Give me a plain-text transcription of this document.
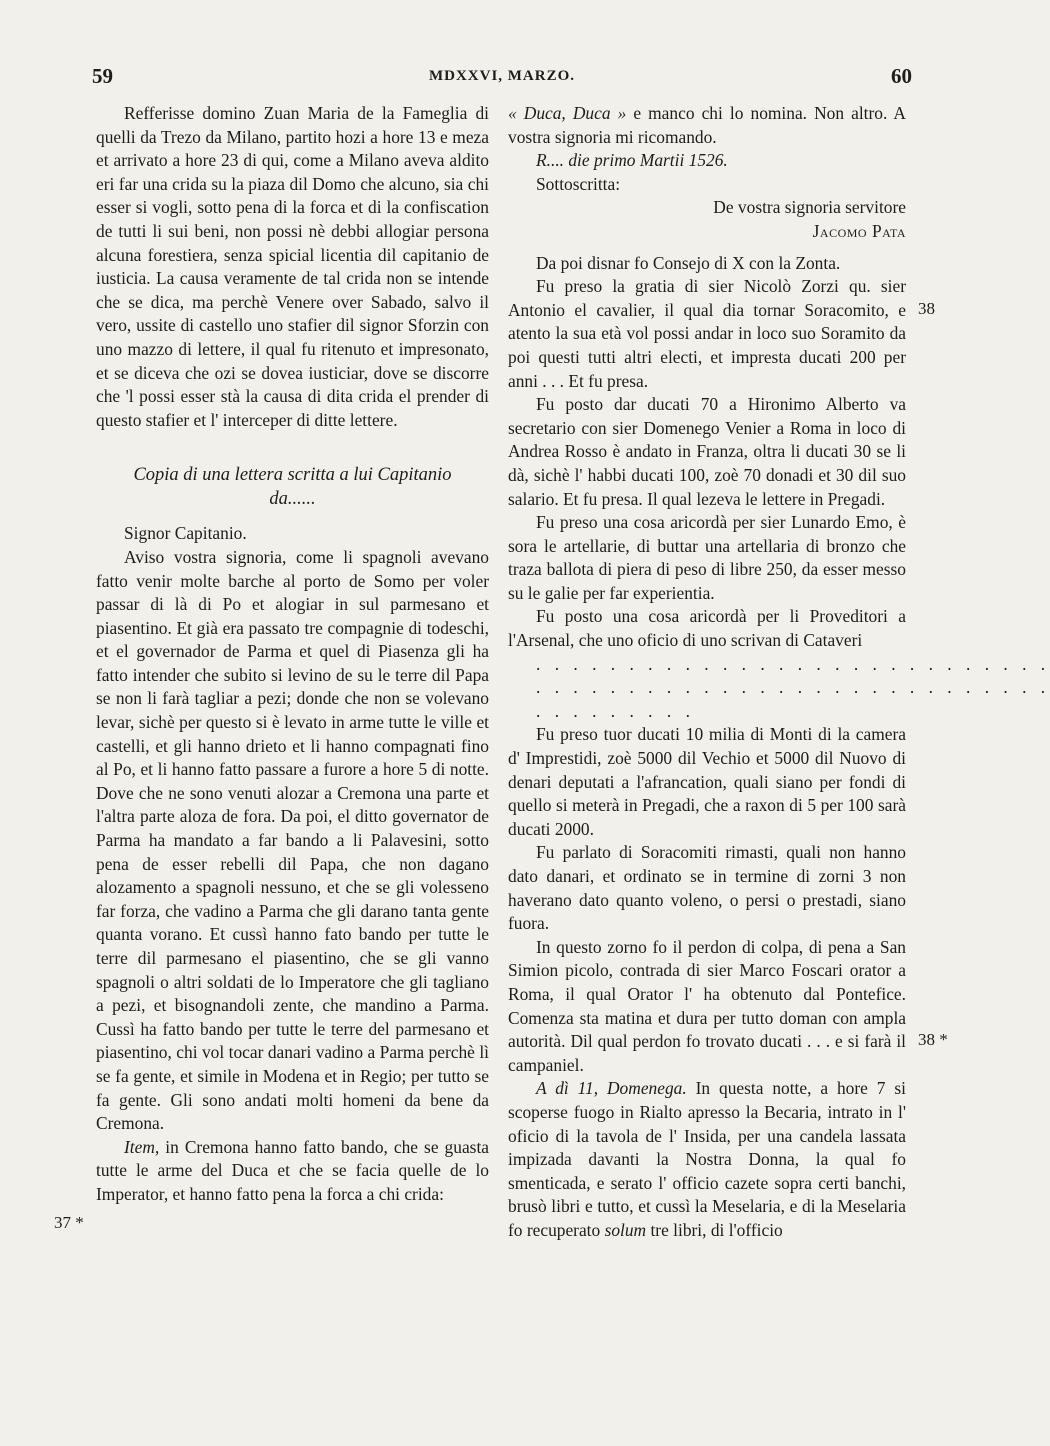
59	MDXXVI, MARZO.	60
37 *
38
38 *

Refferisse domino Zuan Maria de la Fameglia di quelli da Trezo da Milano, partito hozi a hore 13 e meza et arrivato a hore 23 di qui, come a Milano aveva aldito eri far una crida su la piaza dil Domo che alcuno, sia chi esser si vogli, sotto pena di la forca et di la confiscation de tutti li sui beni, non possi nè debbi allogiar persona alcuna forestiera, senza spicial licentia dil capitanio de iusticia. La causa veramente de tal crida non se intende che se dica, ma perchè Venere over Sabado, salvo il vero, ussite di castello uno stafier dil signor Sforzin con uno mazzo di lettere, il qual fu ritenuto et impresonato, et se diceva che ozi se dovea iusticiar, dove se discorre che 'l possi esser stà la causa di dita crida el prender di questo stafier et l' interceper di ditte lettere.

Copia di una lettera scritta a lui Capitanio
da......

Signor Capitanio.

Aviso vostra signoria, come li spagnoli avevano fatto venir molte barche al porto de Somo per voler passar di là di Po et alogiar in sul parmesano et piasentino. Et già era passato tre compagnie di todeschi, et el governador de Parma et quel di Piasenza gli ha fatto intender che subito si levino de su le terre dil Papa se non li farà tagliar a pezi; donde che non se volevano levar, sichè per questo si è levato in arme tutte le ville et castelli, et gli hanno drieto et li hanno compagnati fino al Po, et li hanno fatto passare a furore a hore 5 di notte. Dove che ne sono venuti alozar a Cremona una parte et l'altra parte aloza de fora. Da poi, el ditto governator de Parma ha mandato a far bando a li Palavesini, sotto pena de esser rebelli dil Papa, che non dagano alozamento a spagnoli nessuno, et che se gli volesseno far forza, che vadino a Parma che gli darano tanta gente quanta vorano. Et cussì hanno fato bando per tutte le terre dil parmesano el piasentino, che se gli vanno spagnoli o altri soldati de lo Imperatore che gli tagliano a pezi, et bisognandoli zente, che mandino a Parma. Cussì ha fatto bando per tutte le terre del parmesano et piasentino, chi vol tocar danari vadino a Parma perchè lì se fa gente, et simile in Modena et in Regio; per tutto se fa gente. Gli sono andati molti homeni da bene da Cremona.

Item, in Cremona hanno fatto bando, che se guasta tutte le arme del Duca et che se facia quelle de lo Imperator, et hanno fatto pena la forca a chi crida:

« Duca, Duca » e manco chi lo nomina. Non altro. A vostra signoria mi ricomando.

R.... die primo Martii 1526.

Sottoscritta:

De vostra signoria servitore

Jacomo Pata

Da poi disnar fo Consejo di X con la Zonta.

Fu preso la gratia di sier Nicolò Zorzi qu. sier Antonio el cavalier, il qual dia tornar Soracomito, e atento la sua età vol possi andar in loco suo Soramito da poi questi tutti altri electi, et impresta ducati 200 per anni . . . Et fu presa.

Fu posto dar ducati 70 a Hironimo Alberto va secretario con sier Domenego Venier a Roma in loco di Andrea Rosso è andato in Franza, oltra li ducati 30 se li dà, sichè l' habbi ducati 100, zoè 70 donadi et 30 dil suo salario. Et fu presa. Il qual lezeva le lettere in Pregadi.

Fu preso una cosa aricordà per sier Lunardo Emo, è sora le artellarie, di buttar una artellaria di bronzo che traza ballota di piera di peso di libre 250, da esser messo su le galie per far experientia.

Fu posto una cosa aricordà per li Proveditori a l'Arsenal, che uno oficio di uno scrivan di Cataveri

. . . . . . . . . . . . . . . . . . . . . . . . . . . .

. . . . . . . . . . . . . . . . . . . . . . . . . . . .

. . . . . . . . .

Fu preso tuor ducati 10 milia di Monti di la camera d' Imprestidi, zoè 5000 dil Vechio et 5000 dil Nuovo di denari deputati a l'afrancation, quali siano per fondi di quello si meterà in Pregadi, che a raxon di 5 per 100 sarà ducati 2000.

Fu parlato di Soracomiti rimasti, quali non hanno dato danari, et ordinato se in termine di zorni 3 non haverano dato quanto voleno, o persi o prestadi, siano fuora.

In questo zorno fo il perdon di colpa, di pena a San Simion picolo, contrada di sier Marco Foscari orator a Roma, il qual Orator l' ha obtenuto dal Pontefice. Comenza sta matina et dura per tutto doman con ampla autorità. Dil qual perdon fo trovato ducati . . . e si farà il campaniel.

A dì 11, Domenega. In questa notte, a hore 7 si scoperse fuogo in Rialto apresso la Becaria, intrato in l' oficio di la tavola de l' Insida, per una candela lassata impizada davanti la Nostra Donna, la qual fo smenticada, e serato l' officio cazete sopra certi banchi, brusò libri e tutto, et cussì la Meselaria, e di la Meselaria fo recuperato solum tre libri, di l'officio
